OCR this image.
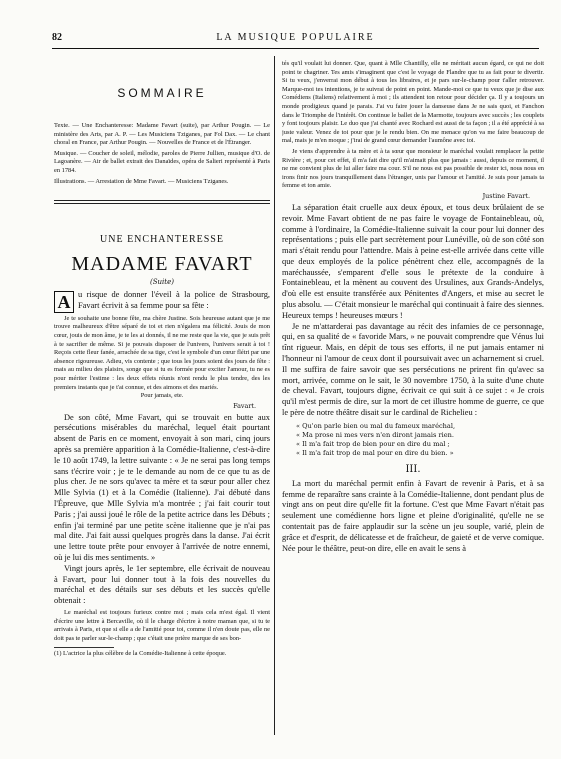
82	LA MUSIQUE POPULAIRE
SOMMAIRE

Texte. — Une Enchanteresse: Madame Favart (suite), par Arthur Pougin. — Le ministère des Arts, par A. P. — Les Musiciens Tziganes, par Fol Dax. — Le chant choral en France, par Arthur Pougin. — Nouvelles de France et de l'Étranger.

Musique. — Coucher de soleil, mélodie, paroles de Pierre Jullien, musique d'O. de Lagoanère. — Air de ballet extrait des Danaïdes, opéra de Salieri représenté à Paris en 1784.

Illustrations. — Arrestation de Mme Favart. — Musiciens Tziganes.

UNE ENCHANTERESSE
MADAME FAVART
(Suite)
A u risque de donner l'éveil à la police de Strasbourg, Favart écrivit à sa femme pour sa fête :

Je te souhaite une bonne fête, ma chère Justine. Sois heureuse autant que je me trouve malheureux d'être séparé de toi et rien n'égalera ma félicité. Jouis de mon cœur, jouis de mon âme, je te les ai donnés, il ne me reste que la vie, que je suis prêt à te sacrifier de même. Si je pouvais disposer de l'univers, l'univers serait à toi ! Reçois cette fleur fanée, arrachée de sa tige, c'est le symbole d'un cœur flétri par une absence rigoureuse. Adieu, vis contente ; que tous les jours soient des jours de fête : mais au milieu des plaisirs, songe que si tu es formée pour exciter l'amour, tu ne es pour mériter l'estime : les deux effets réunis n'ont rendu le plus tendre, des les premiers instants que je t'ai connue, et des aimons et des mariés.

Pour jamais, ete.

Favart.

De son côté, Mme Favart, qui se trouvait en butte aux persécutions misérables du maréchal, lequel était pourtant absent de Paris en ce moment, envoyait à son mari, cinq jours après sa première apparition à la Comédie-Italienne, c'est-à-dire le 10 août 1749, la lettre suivante : « Je ne serai pas long temps sans t'écrire voir ; je te le demande au nom de ce que tu as de plus cher. Je ne sors qu'avec ta mère et ta sœur pour aller chez Mlle Sylvia (1) et à la Comédie (Italienne). J'ai débuté dans l'Épreuve, que Mlle Sylvia m'a montrée ; j'ai fait courir tout Paris ; j'ai aussi joué le rôle de la petite actrice dans les Débuts ; enfin j'ai terminé par une petite scène italienne que je n'ai pas mal dite. J'ai fait aussi quelques progrès dans la danse. J'ai écrit une lettre toute prête pour envoyer à l'arrivée de notre ennemi, où je lui dis mes sentiments. »

Vingt jours après, le 1er septembre, elle écrivait de nouveau à Favart, pour lui donner tout à la fois des nouvelles du maréchal et des détails sur ses débuts et les succès qu'elle obtenait :

Le maréchal est toujours furieux contre moi ; mais cela m'est égal. Il vient d'écrire une lettre à Bercaville, où il le charge d'écrire à notre maman que, si tu te arrivais à Paris, et que si elle a de l'amitié pour toi, comme il n'en doute pas, elle ne doit pas te parler sur-le-champ ; que c'était une prière marque de ses bon-

(1) L'actrice la plus célèbre de la Comédie-Italienne à cette époque.

tés qu'il voulait lui donner. Que, quant à Mlle Chantilly, elle ne méritait aucun égard, ce qui ne doit point te chagriner. Tes amis s'imaginent que c'est le voyage de Flandre que tu as fait pour te divertir. Si tu veux, j'enverrai mon début à tous les libraires, et je pars sur-le-champ pour t'aller retrouver. Marque-moi tes intentions, je te suivrai de point en point. Mande-moi ce que tu veux que je dise aux Comédiens (Italiens) relativement à moi ; ils attendent ton retour pour décider ça. Il y a toujours un monde prodigieux quand je parais. J'ai vu faire jouer la danseuse dans Je ne sais quoi, et Fanchon dans le Triomphe de l'intérêt. On continue le ballet de la Marmotte, toujours avec succès ; les couplets y font toujours plaisir. Le duo que j'ai chanté avec Rochard est aussi de ta façon ; il a été apprécié à sa juste valeur. Venez de toi pour que je le rendu bien. On me menace qu'on va me faire beaucoup de mal, mais je m'en moque ; j'irai de grand cœur demander l'aumône avec toi.

Je viens d'apprendre à ta mère et à ta sœur que monsieur le maréchal voulait remplacer la petite Rivière ; et, pour cet effet, il m'a fait dire qu'il m'aimait plus que jamais : aussi, depuis ce moment, il ne me convient plus de lui aller faire ma cour. S'il ne nous est pas possible de rester ici, nous nous en irons finir nos jours tranquillement dans l'étranger, unis par l'amour et l'amitié. Je suis pour jamais ta femme et ton amie.

Justine Favart.

La séparation était cruelle aux deux époux, et tous deux brûlaient de se revoir. Mme Favart obtient de ne pas faire le voyage de Fontainebleau, où, comme à l'ordinaire, la Comédie-Italienne suivait la cour pour lui donner des représentations ; puis elle part secrètement pour Lunéville, où de son côté son mari s'était rendu pour l'attendre. Mais à peine est-elle arrivée dans cette ville que deux employés de la police pénètrent chez elle, accompagnés de la maréchaussée, s'emparent d'elle sous le prétexte de la conduire à Fontainebleau, et la mènent au couvent des Ursulines, aux Grands-Andelys, d'où elle est ensuite transférée aux Pénitentes d'Angers, et mise au secret le plus absolu. — C'était monsieur le maréchal qui continuait à faire des siennes. Heureux temps ! heureuses mœurs !

Je ne m'attarderai pas davantage au récit des infamies de ce personnage, qui, en sa qualité de « favoride Mars, » ne pouvait comprendre que Vénus lui tînt rigueur. Mais, en dépit de tous ses efforts, il ne put jamais entamer ni l'honneur ni l'amour de ceux dont il poursuivait avec un acharnement si cruel. Il me suffira de faire savoir que ses persécutions ne prirent fin qu'avec sa mort, arrivée, comme on le sait, le 30 novembre 1750, à la suite d'une chute de cheval. Favart, toujours digne, écrivait ce qui suit à ce sujet : « Je crois qu'il m'est permis de dire, sur la mort de cet illustre homme de guerre, ce que le père de notre théâtre disait sur le cardinal de Richelieu :

« Qu'on parle bien ou mal du fameux maréchal,

« Ma prose ni mes vers n'en diront jamais rien.

« Il m'a fait trop de bien pour en dire du mal ;

« Il m'a fait trop de mal pour en dire du bien. »

III.

La mort du maréchal permit enfin à Favart de revenir à Paris, et à sa femme de reparaître sans crainte à la Comédie-Italienne, dont pendant plus de vingt ans on peut dire qu'elle fit la fortune. C'est que Mme Favart n'était pas seulement une comédienne hors ligne et pleine d'originalité, qu'elle ne se contentait pas de faire applaudir sur la scène un jeu souple, varié, plein de grâce et d'esprit, de délicatesse et de fraîcheur, de gaieté et de verve comique. Née pour le théâtre, peut-on dire, elle en avait le sens à
